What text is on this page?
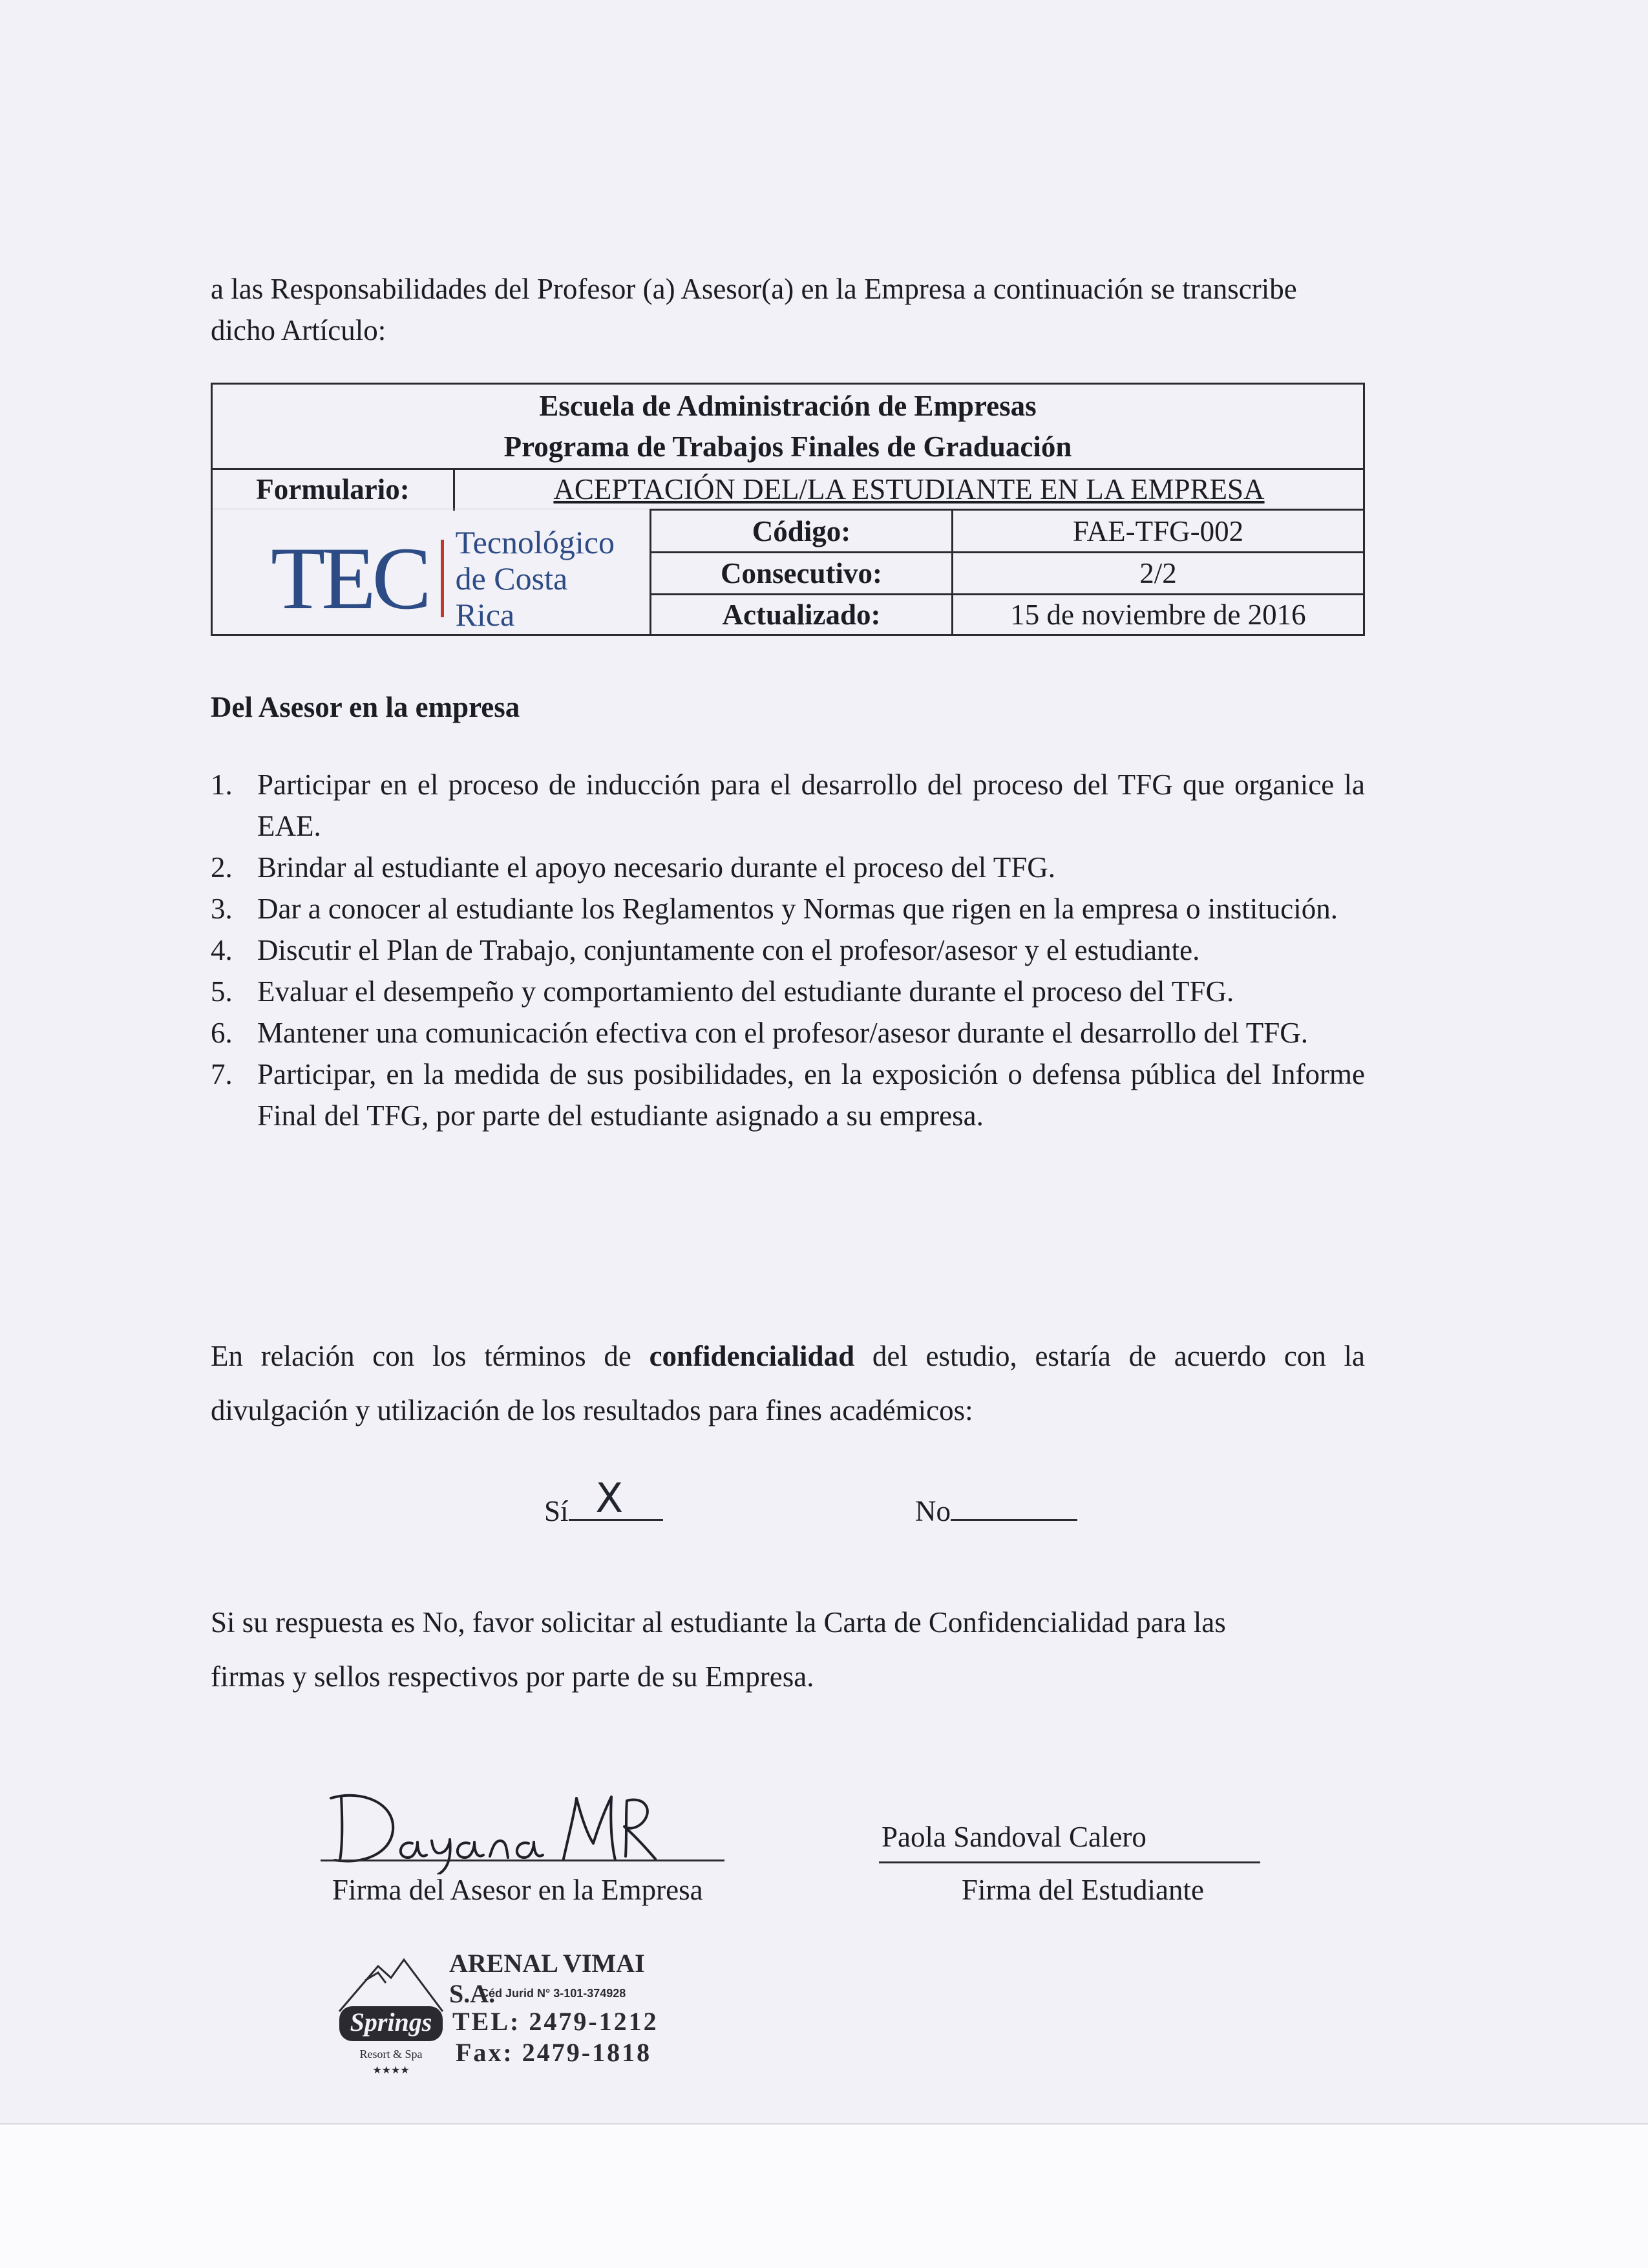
a las Responsabilidades del Profesor (a) Asesor(a) en la Empresa a continuación se transcribe
dicho Artículo:

Escuela de Administración de Empresas
Programa de Trabajos Finales de Graduación
Formulario:	ACEPTACIÓN DEL/LA ESTUDIANTE EN LA EMPRESA
Código:	FAE-TFG-002
Consecutivo:	2/2
Actualizado:	15 de noviembre de 2016
TEC Tecnológico
de Costa Rica
Del Asesor en la empresa
1. Participar en el proceso de inducción para el desarrollo del proceso del TFG que organice la EAE.
2. Brindar al estudiante el apoyo necesario durante el proceso del TFG.
3. Dar a conocer al estudiante los Reglamentos y Normas que rigen en la empresa o institución.
4. Discutir el Plan de Trabajo, conjuntamente con el profesor/asesor y el estudiante.
5. Evaluar el desempeño y comportamiento del estudiante durante el proceso del TFG.
6. Mantener una comunicación efectiva con el profesor/asesor durante el desarrollo del TFG.
7. Participar, en la medida de sus posibilidades, en la exposición o defensa pública del Informe Final del TFG, por parte del estudiante asignado a su empresa.

En relación con los términos de confidencialidad del estudio, estaría de acuerdo con la divulgación y utilización de los resultados para fines académicos:

Sí X	No

Si su respuesta es No, favor solicitar al estudiante la Carta de Confidencialidad para las
firmas y sellos respectivos por parte de su Empresa.

Firma del Asesor en la Empresa
Paola Sandoval Calero
Firma del Estudiante
Springs
Resort & Spa
★★★★
ARENAL VIMAI S.A.
Céd Jurid N° 3-101-374928
TEL: 2479-1212
Fax: 2479-1818
